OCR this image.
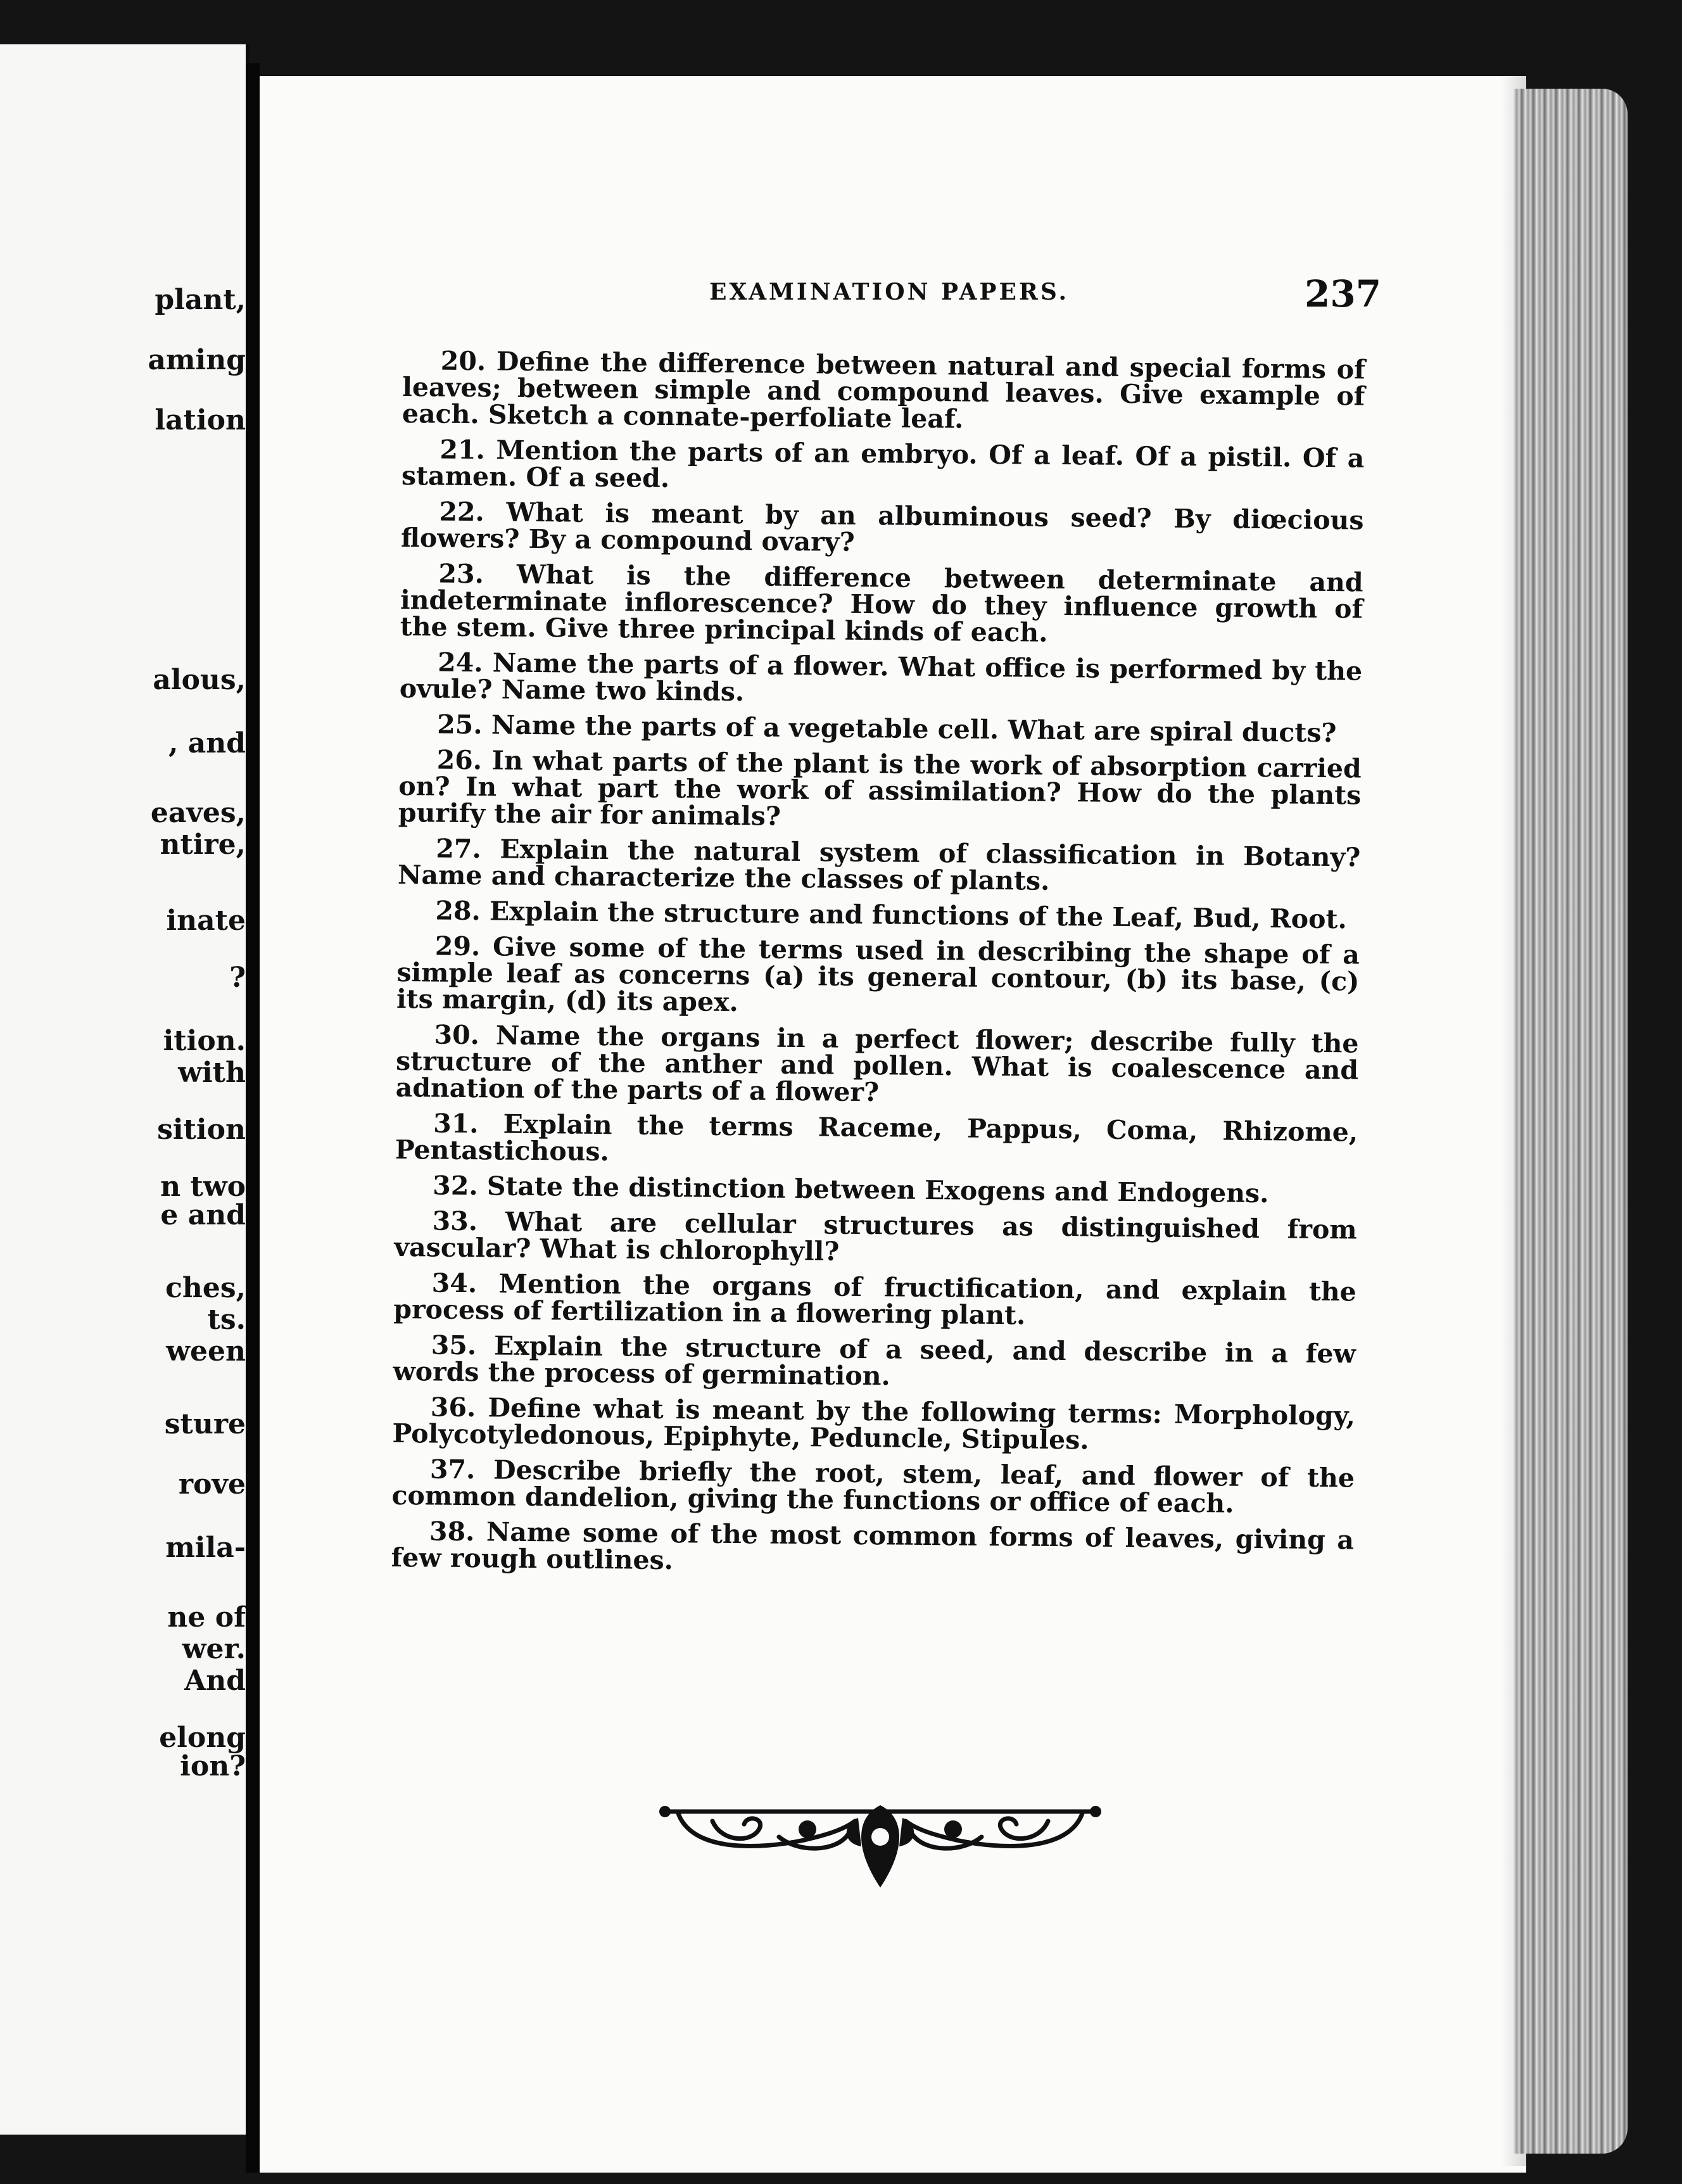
plant,
aming
lation
alous,
, and
eaves,
ntire,
inate
?
ition.
with
sition
n two
e and
ches,
ts.
ween
sture
rove
mila-
ne of
wer.
And
elong
ion?
EXAMINATION PAPERS.	237

20. Define the difference between natural and special forms of leaves; between simple and compound leaves. Give example of each. Sketch a connate-perfoliate leaf.

21. Mention the parts of an embryo. Of a leaf. Of a pistil. Of a stamen. Of a seed.

22. What is meant by an albuminous seed? By diœcious flowers? By a compound ovary?

23. What is the difference between determinate and indeterminate inflorescence? How do they influence growth of the stem. Give three principal kinds of each.

24. Name the parts of a flower. What office is performed by the ovule? Name two kinds.

25. Name the parts of a vegetable cell. What are spiral ducts?

26. In what parts of the plant is the work of absorption carried on? In what part the work of assimilation? How do the plants purify the air for animals?

27. Explain the natural system of classification in Botany? Name and characterize the classes of plants.

28. Explain the structure and functions of the Leaf, Bud, Root.

29. Give some of the terms used in describing the shape of a simple leaf as concerns (a) its general contour, (b) its base, (c) its margin, (d) its apex.

30. Name the organs in a perfect flower; describe fully the structure of the anther and pollen. What is coalescence and adnation of the parts of a flower?

31. Explain the terms Raceme, Pappus, Coma, Rhizome, Pentastichous.

32. State the distinction between Exogens and Endogens.

33. What are cellular structures as distinguished from vascular? What is chlorophyll?

34. Mention the organs of fructification, and explain the process of fertilization in a flowering plant.

35. Explain the structure of a seed, and describe in a few words the process of germination.

36. Define what is meant by the following terms: Morphology, Polycotyledonous, Epiphyte, Peduncle, Stipules.

37. Describe briefly the root, stem, leaf, and flower of the common dandelion, giving the functions or office of each.

38. Name some of the most common forms of leaves, giving a few rough outlines.
